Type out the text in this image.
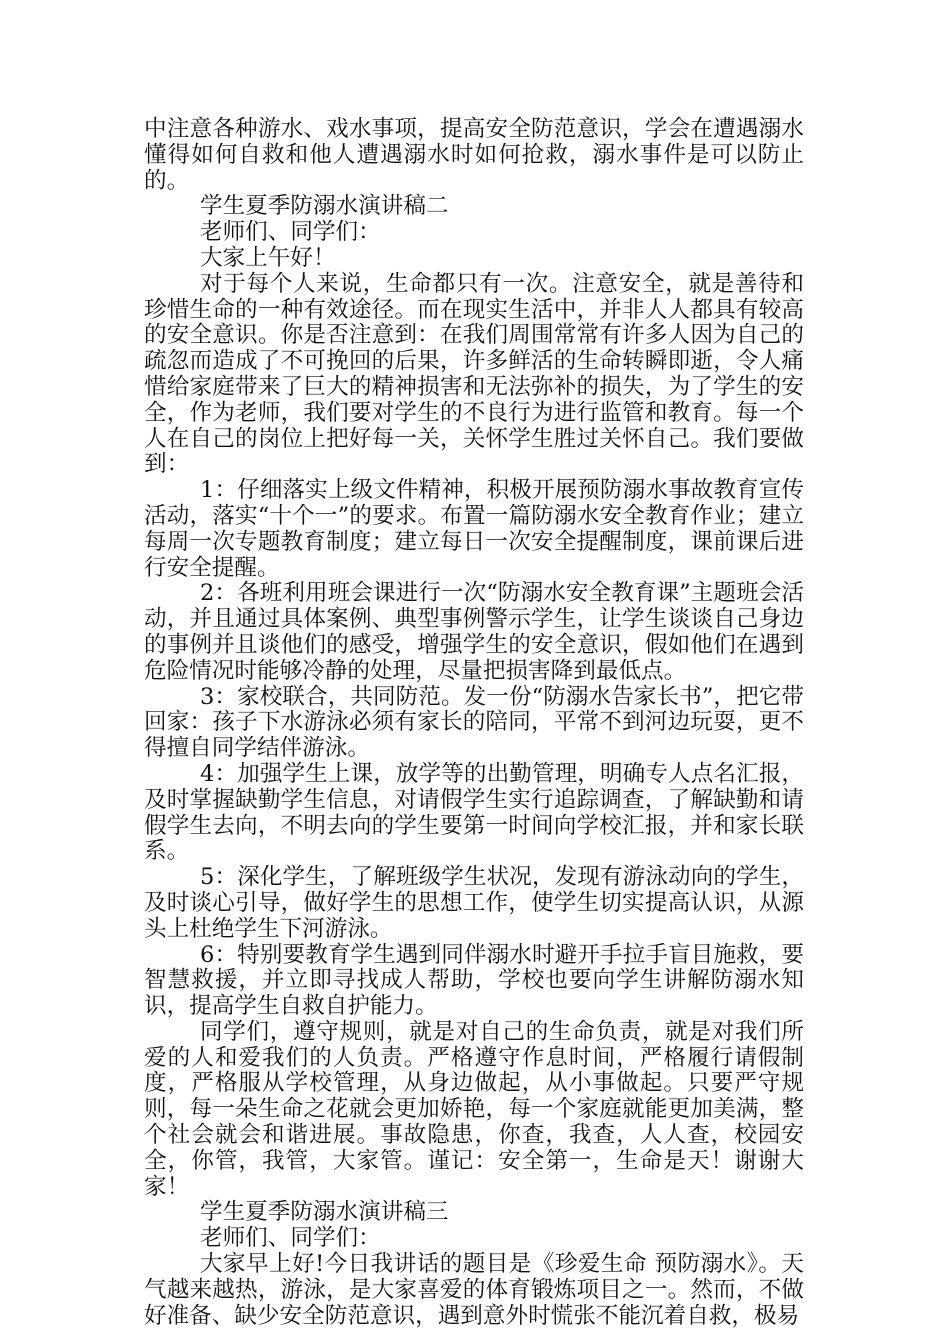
中注意各种游水、戏水事项，提高安全防范意识，学会在遭遇溺水懂得如何自救和他人遭遇溺水时如何抢救，溺水事件是可以防止的。

学生夏季防溺水演讲稿二

老师们、同学们：

大家上午好！

对于每个人来说，生命都只有一次。注意安全，就是善待和珍惜生命的一种有效途径。而在现实生活中，并非人人都具有较高的安全意识。你是否注意到：在我们周围常常有许多人因为自己的疏忽而造成了不可挽回的后果，许多鲜活的生命转瞬即逝，令人痛惜给家庭带来了巨大的精神损害和无法弥补的损失，为了学生的安全，作为老师，我们要对学生的不良行为进行监管和教育。每一个人在自己的岗位上把好每一关，关怀学生胜过关怀自己。我们要做到：

1：仔细落实上级文件精神，积极开展预防溺水事故教育宣传活动，落实“十个一”的要求。布置一篇防溺水安全教育作业；建立每周一次专题教育制度；建立每日一次安全提醒制度，课前课后进行安全提醒。

2：各班利用班会课进行一次“防溺水安全教育课”主题班会活动，并且通过具体案例、典型事例警示学生，让学生谈谈自己身边的事例并且谈他们的感受，增强学生的安全意识，假如他们在遇到危险情况时能够冷静的处理，尽量把损害降到最低点。

3：家校联合，共同防范。发一份“防溺水告家长书”，把它带回家：孩子下水游泳必须有家长的陪同，平常不到河边玩耍，更不得擅自同学结伴游泳。

4：加强学生上课，放学等的出勤管理，明确专人点名汇报，及时掌握缺勤学生信息，对请假学生实行追踪调查，了解缺勤和请假学生去向，不明去向的学生要第一时间向学校汇报，并和家长联系。

5：深化学生，了解班级学生状况，发现有游泳动向的学生，及时谈心引导，做好学生的思想工作，使学生切实提高认识，从源头上杜绝学生下河游泳。

6：特别要教育学生遇到同伴溺水时避开手拉手盲目施救，要智慧救援，并立即寻找成人帮助，学校也要向学生讲解防溺水知识，提高学生自救自护能力。

同学们，遵守规则，就是对自己的生命负责，就是对我们所爱的人和爱我们的人负责。严格遵守作息时间，严格履行请假制度，严格服从学校管理，从身边做起，从小事做起。只要严守规则，每一朵生命之花就会更加娇艳，每一个家庭就能更加美满，整个社会就会和谐进展。事故隐患，你查，我查，人人查，校园安全，你管，我管，大家管。谨记：安全第一，生命是天！谢谢大家！

学生夏季防溺水演讲稿三

老师们、同学们：

大家早上好!今日我讲话的题目是《珍爱生命 预防溺水》。天气越来越热，游泳，是大家喜爱的体育锻炼项目之一。然而，不做好准备、缺少安全防范意识，遇到意外时慌张不能沉着自救，极易
